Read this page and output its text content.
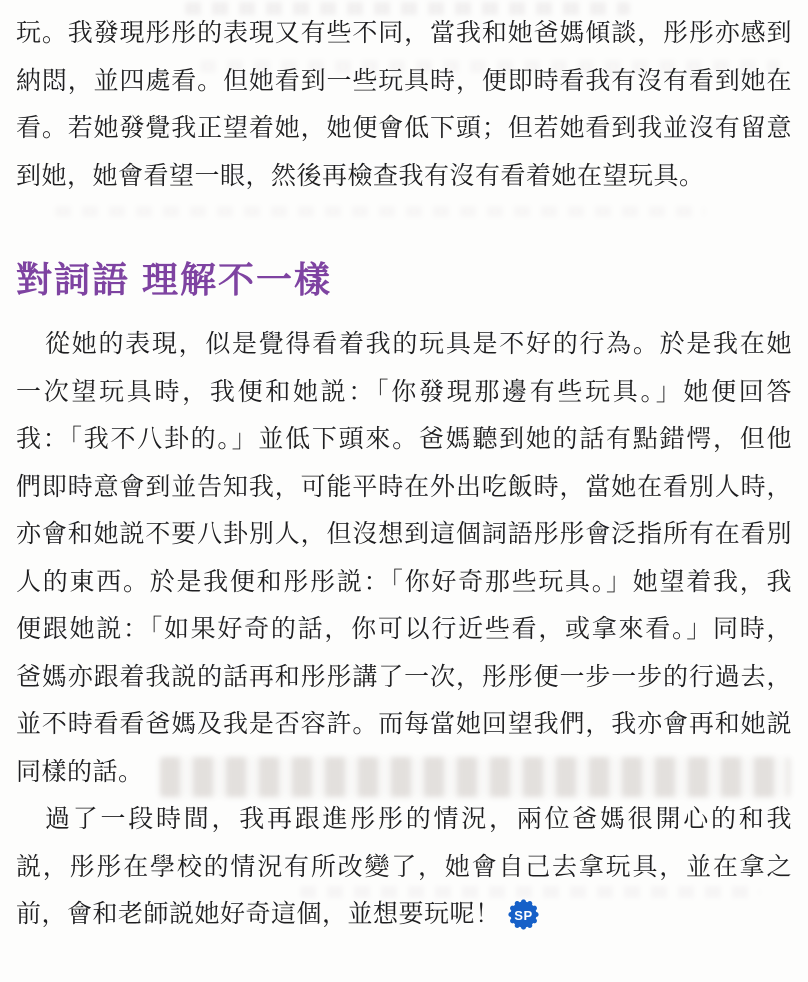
玩。我發現彤彤的表現又有些不同，當我和她爸媽傾談，彤彤亦感到
納悶，並四處看。但她看到一些玩具時，便即時看我有沒有看到她在
看。若她發覺我正望着她，她便會低下頭；但若她看到我並沒有留意
到她，她會看望一眼，然後再檢查我有沒有看着她在望玩具。
對詞語 理解不一樣
從她的表現，似是覺得看着我的玩具是不好的行為。於是我在她
一次望玩具時，我便和她説：「你發現那邊有些玩具。」她便回答
我：「我不八卦的。」並低下頭來。爸媽聽到她的話有點錯愕，但他
們即時意會到並告知我，可能平時在外出吃飯時，當她在看別人時，
亦會和她説不要八卦別人，但沒想到這個詞語彤彤會泛指所有在看別
人的東西。於是我便和彤彤説：「你好奇那些玩具。」她望着我，我
便跟她説：「如果好奇的話，你可以行近些看，或拿來看。」同時，
爸媽亦跟着我説的話再和彤彤講了一次，彤彤便一步一步的行過去，
並不時看看爸媽及我是否容許。而每當她回望我們，我亦會再和她説
同樣的話。
過了一段時間，我再跟進彤彤的情況，兩位爸媽很開心的和我
説，彤彤在學校的情況有所改變了，她會自己去拿玩具，並在拿之
前，會和老師説她好奇這個，並想要玩呢！ SP
